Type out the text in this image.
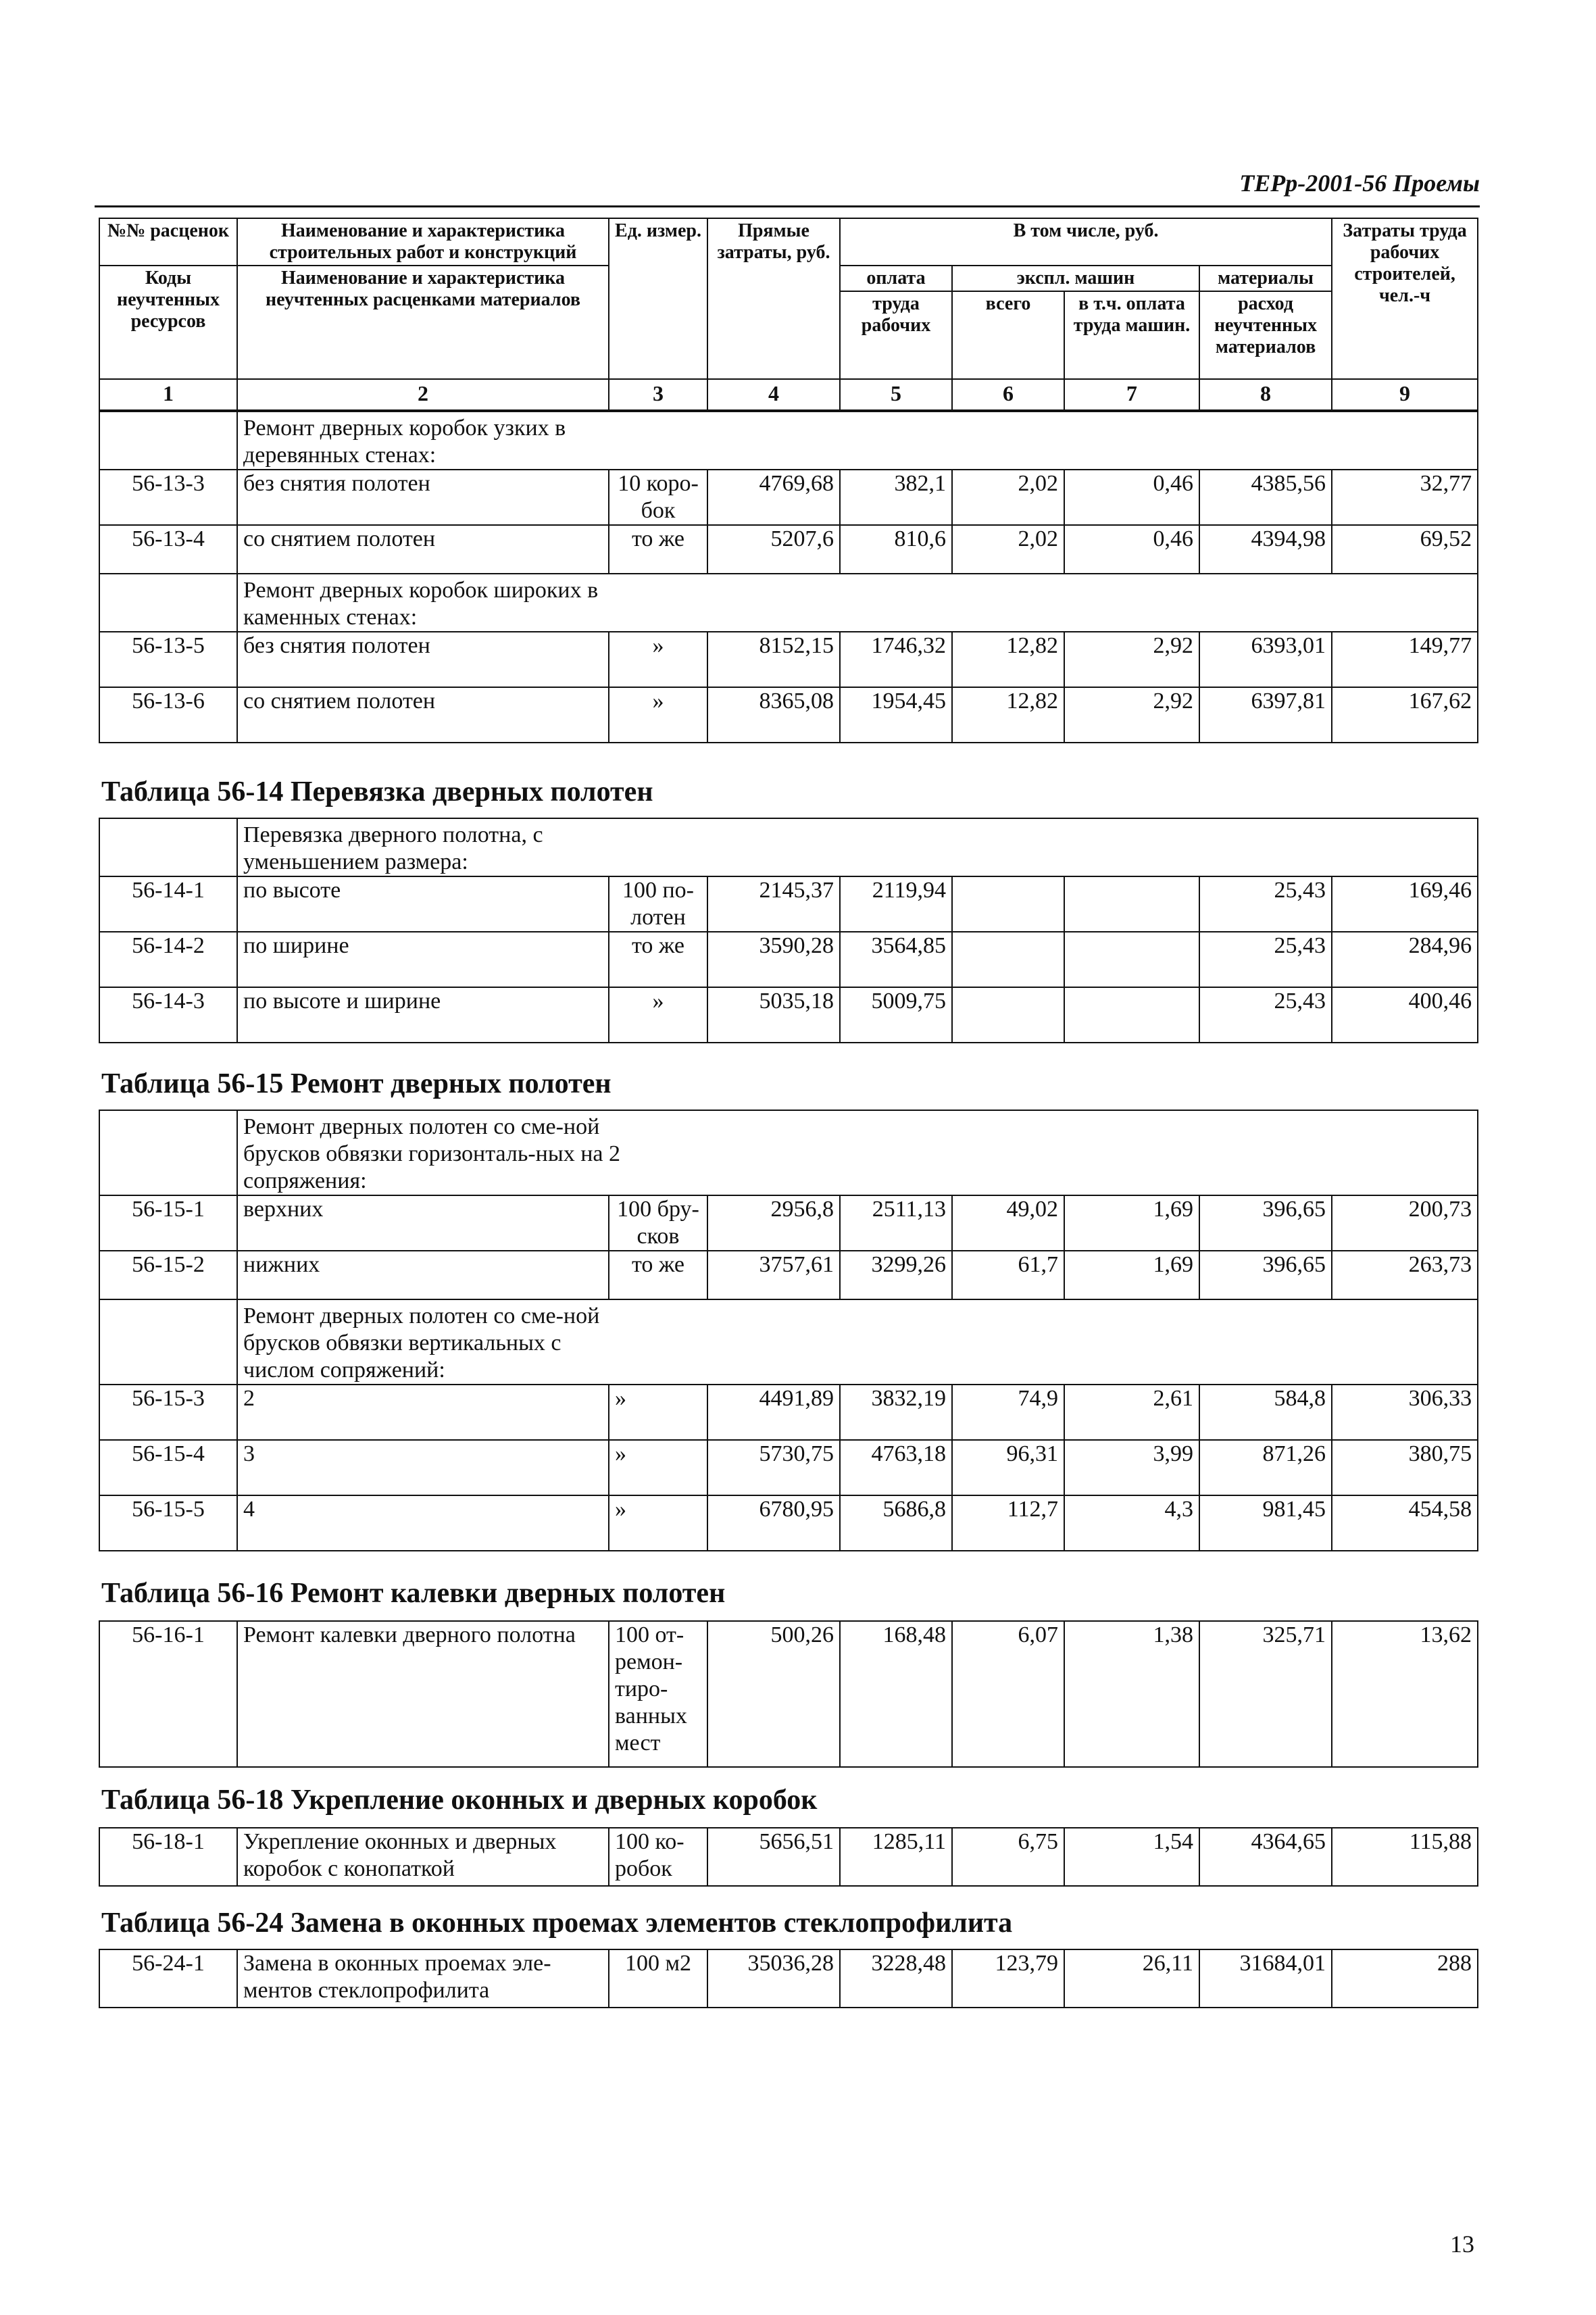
ТЕРр-2001-56 Проемы
№№ расценок	Наименование и характеристика строительных работ и конструкций	Ед. измер.	Прямые затраты, руб.	В том числе, руб.				Затраты труда рабочих строителей, чел.-ч
Коды неучтенных ресурсов	Наименование и характеристика неучтенных расценками материалов			оплата	экспл. машин		материалы	
				труда рабочих	всего	в т.ч. оплата труда машин.	расход неучтенных материалов	
1	2	3	4	5	6	7	8	9
	Ремонт дверных коробок узких в деревянных стенах:							
56-13-3	без снятия полотен	10 коро-бок	4769,68	382,1	2,02	0,46	4385,56	32,77
56-13-4	со снятием полотен	то же	5207,6	810,6	2,02	0,46	4394,98	69,52
	Ремонт дверных коробок широких в каменных стенах:							
56-13-5	без снятия полотен	»	8152,15	1746,32	12,82	2,92	6393,01	149,77
56-13-6	со снятием полотен	»	8365,08	1954,45	12,82	2,92	6397,81	167,62
Таблица 56-14 Перевязка дверных полотен
	Перевязка дверного полотна, с уменьшением размера:							
56-14-1	по высоте	100 по-лотен	2145,37	2119,94			25,43	169,46
56-14-2	по ширине	то же	3590,28	3564,85			25,43	284,96
56-14-3	по высоте и ширине	»	5035,18	5009,75			25,43	400,46
Таблица 56-15 Ремонт дверных полотен
	Ремонт дверных полотен со сме-ной брусков обвязки горизонталь-ных на 2 сопряжения:							
56-15-1	верхних	100 бру-сков	2956,8	2511,13	49,02	1,69	396,65	200,73
56-15-2	нижних	то же	3757,61	3299,26	61,7	1,69	396,65	263,73
	Ремонт дверных полотен со сме-ной брусков обвязки вертикальных с числом сопряжений:							
56-15-3	2	»	4491,89	3832,19	74,9	2,61	584,8	306,33
56-15-4	3	»	5730,75	4763,18	96,31	3,99	871,26	380,75
56-15-5	4	»	6780,95	5686,8	112,7	4,3	981,45	454,58
Таблица 56-16 Ремонт калевки дверных полотен
56-16-1	Ремонт калевки дверного полотна	100 от-ремон-тиро-ванных мест	500,26	168,48	6,07	1,38	325,71	13,62
Таблица 56-18 Укрепление оконных и дверных коробок
56-18-1	Укрепление оконных и дверных коробок с конопаткой	100 ко-робок	5656,51	1285,11	6,75	1,54	4364,65	115,88
Таблица 56-24 Замена в оконных проемах элементов стеклопрофилита
56-24-1	Замена в оконных проемах эле-ментов стеклопрофилита	100 м2	35036,28	3228,48	123,79	26,11	31684,01	288
13
